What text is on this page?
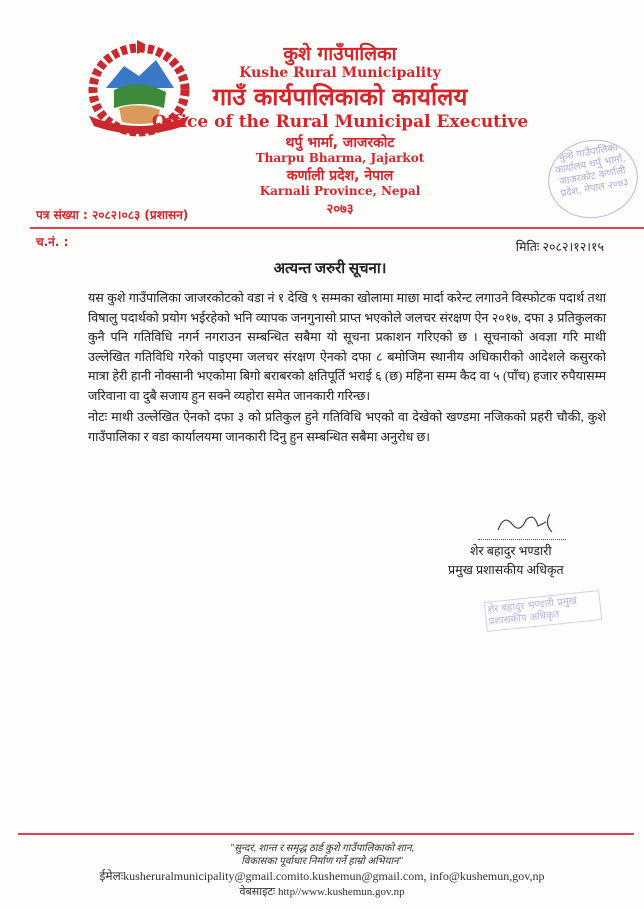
कुशे गाउँपालिका
Kushe Rural Municipality
गाउँ कार्यपालिकाको कार्यालय
Office of the Rural Municipal Executive
थर्पु भार्मा, जाजरकोट
Tharpu Bharma, Jajarkot
कर्णाली प्रदेश, नेपाल
Karnali Province, Nepal
२०७३
पत्र संख्या : २०८२।०८३ (प्रशासन)
च.नं. :
कुशे गाउँपालिका कार्यालय थर्पु भार्मा, जाजरकोट कर्णाली प्रदेश, नेपाल २०७३
मितिः २०८२।१२।१५
अत्यन्त जरुरी सूचना।
यस कुशे गाउँपालिका जाजरकोटको वडा नं १ देखि ९ सम्मका खोलामा माछा मार्दा करेन्ट लगाउने विस्फोटक पदार्थ तथा विषालु पदार्थको प्रयोग भईरहेको भनि व्यापक जनगुनासो प्राप्त भएकोले जलचर संरक्षण ऐन २०१७, दफा ३ प्रतिकुलका कुनै पनि गतिविधि नगर्न नगराउन सम्बन्धित सबैमा यो सूचना प्रकाशन गरिएको छ । सूचनाको अवज्ञा गरि माथी उल्लेखित गतिविधि गरेको पाइएमा जलचर संरक्षण ऐनको दफा ८ बमोजिम स्थानीय अधिकारीको आदेशले कसुरको मात्रा हेरी हानी नोक्सानी भएकोमा बिगो बराबरको क्षतिपूर्ति भराई ६ (छ) महिना सम्म कैद वा ५ (पाँच) हजार रुपैयासम्म जरिवाना वा दुबै सजाय हुन सक्ने व्यहोरा समेत जानकारी गरिन्छ।
नोटः माथी उल्लेखित ऐनको दफा ३ को प्रतिकुल हुने गतिविधि भएको वा देखेको खण्डमा नजिकको प्रहरी चौकी, कुशे गाउँपालिका र वडा कार्यालयमा जानकारी दिनु हुन सम्बन्धित सबैमा अनुरोध छ।
शेर बहादुर भण्डारी
प्रमुख प्रशासकीय अधिकृत
शेर बहादुर भण्डारी प्रमुख प्रशासकीय अधिकृत
"सुन्दर, शान्त र समृद्ध ठार्ड कुशे गाउँपालिकाको शान,
विकासका पूर्वाधार निर्माण गर्ने हाम्रो अभियान"
ईमेलःkusheruralmunicipality@gmail.comito.kushemun@gmail.com, info@kushemun,gov,np
वेबसाइटः http//www.kushemun.gov.np
